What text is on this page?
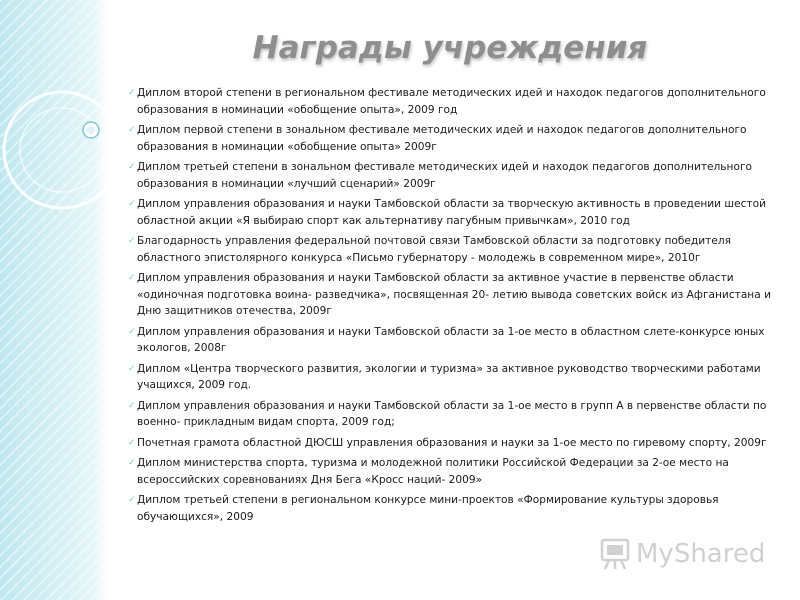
Награды учреждения
✓ Диплом второй степени в региональном фестивале методических идей и находок педагогов дополнительного образования в номинации «обобщение опыта», 2009 год
✓ Диплом первой степени в зональном фестивале методических идей и находок педагогов дополнительного образования в номинации «обобщение опыта» 2009г
✓ Диплом третьей степени в зональном фестивале методических идей и находок педагогов дополнительного образования в номинации «лучший сценарий» 2009г
✓ Диплом управления образования и науки Тамбовской области за творческую активность в проведении шестой областной акции «Я выбираю спорт как альтернативу пагубным привычкам», 2010 год
✓ Благодарность управления федеральной почтовой связи Тамбовской области за подготовку победителя областного эпистолярного конкурса «Письмо губернатору - молодежь в современном мире», 2010г
✓ Диплом управления образования и науки Тамбовской области за активное участие в первенстве области «одиночная подготовка воина- разведчика», посвященная 20- летию вывода советских войск из Афганистана и Дню защитников отечества, 2009г
✓ Диплом управления образования и науки Тамбовской области за 1-ое место в областном слете-конкурсе юных экологов, 2008г
✓ Диплом «Центра творческого развития, экологии и туризма» за активное руководство творческими работами учащихся, 2009 год.
✓ Диплом управления образования и науки Тамбовской области за 1-ое место в групп А в первенстве области по военно- прикладным видам спорта, 2009 год;
✓ Почетная грамота областной ДЮСШ управления образования и науки за 1-ое место по гиревому спорту, 2009г
✓ Диплом министерства спорта, туризма и молодежной политики Российской Федерации за 2-ое место на всероссийских соревнованиях Дня Бега «Кросс наций- 2009»
✓ Диплом третьей степени в региональном конкурсе мини-проектов «Формирование культуры здоровья обучающихся», 2009
MyShared
